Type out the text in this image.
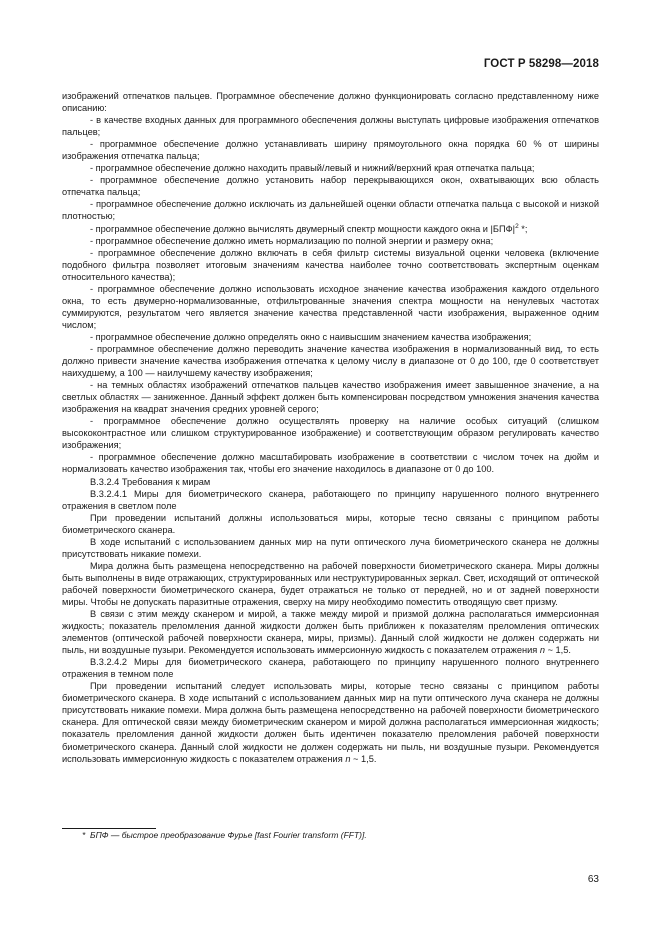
ГОСТ Р 58298—2018

изображений отпечатков пальцев. Программное обеспечение должно функционировать согласно представленному ниже описанию:

- в качестве входных данных для программного обеспечения должны выступать цифровые изображения отпечатков пальцев;

- программное обеспечение должно устанавливать ширину прямоугольного окна порядка 60 % от ширины изображения отпечатка пальца;

- программное обеспечение должно находить правый/левый и нижний/верхний края отпечатка пальца;

- программное обеспечение должно установить набор перекрывающихся окон, охватывающих всю область отпечатка пальца;

- программное обеспечение должно исключать из дальнейшей оценки области отпечатка пальца с высокой и низкой плотностью;

- программное обеспечение должно вычислять двумерный спектр мощности каждого окна и $|БПФ|^2$ *;

- программное обеспечение должно иметь нормализацию по полной энергии и размеру окна;

- программное обеспечение должно включать в себя фильтр системы визуальной оценки человека (включение подобного фильтра позволяет итоговым значениям качества наиболее точно соответствовать экспертным оценкам относительного качества);

- программное обеспечение должно использовать исходное значение качества изображения каждого отдельного окна, то есть двумерно-нормализованные, отфильтрованные значения спектра мощности на ненулевых частотах суммируются, результатом чего является значение качества представленной части изображения, выраженное одним числом;

- программное обеспечение должно определять окно с наивысшим значением качества изображения;

- программное обеспечение должно переводить значение качества изображения в нормализованный вид, то есть должно привести значение качества изображения отпечатка к целому числу в диапазоне от 0 до 100, где 0 соответствует наихудшему, а 100 — наилучшему качеству изображения;

- на темных областях изображений отпечатков пальцев качество изображения имеет завышенное значение, а на светлых областях — заниженное. Данный эффект должен быть компенсирован посредством умножения значения качества изображения на квадрат значения средних уровней серого;

- программное обеспечение должно осуществлять проверку на наличие особых ситуаций (слишком высококонтрастное или слишком структурированное изображение) и соответствующим образом регулировать качество изображения;

- программное обеспечение должно масштабировать изображение в соответствии с числом точек на дюйм и нормализовать качество изображения так, чтобы его значение находилось в диапазоне от 0 до 100.

B.3.2.4 Требования к мирам

B.3.2.4.1 Миры для биометрического сканера, работающего по принципу нарушенного полного внутреннего отражения в светлом поле

При проведении испытаний должны использоваться миры, которые тесно связаны с принципом работы биометрического сканера.

В ходе испытаний с использованием данных мир на пути оптического луча биометрического сканера не должны присутствовать никакие помехи.

Мира должна быть размещена непосредственно на рабочей поверхности биометрического сканера. Миры должны быть выполнены в виде отражающих, структурированных или неструктурированных зеркал. Свет, исходящий от оптической рабочей поверхности биометрического сканера, будет отражаться не только от передней, но и от задней поверхности миры. Чтобы не допускать паразитные отражения, сверху на миру необходимо поместить отводящую свет призму.

В связи с этим между сканером и мирой, а также между мирой и призмой должна располагаться иммерсионная жидкость; показатель преломления данной жидкости должен быть приближен к показателям преломления оптических элементов (оптической рабочей поверхности сканера, миры, призмы). Данный слой жидкости не должен содержать ни пыль, ни воздушные пузыри. Рекомендуется использовать иммерсионную жидкость с показателем отражения n ~ 1,5.

B.3.2.4.2 Миры для биометрического сканера, работающего по принципу нарушенного полного внутреннего отражения в темном поле

При проведении испытаний следует использовать миры, которые тесно связаны с принципом работы биометрического сканера. В ходе испытаний с использованием данных мир на пути оптического луча сканера не должны присутствовать никакие помехи. Мира должна быть размещена непосредственно на рабочей поверхности биометрического сканера. Для оптической связи между биометрическим сканером и мирой должна располагаться иммерсионная жидкость; показатель преломления данной жидкости должен быть идентичен показателю преломления рабочей поверхности биометрического сканера. Данный слой жидкости не должен содержать ни пыль, ни воздушные пузыри. Рекомендуется использовать иммерсионную жидкость с показателем отражения n ~ 1,5.

* БПФ — быстрое преобразование Фурье [fast Fourier transform (FFT)].
63
